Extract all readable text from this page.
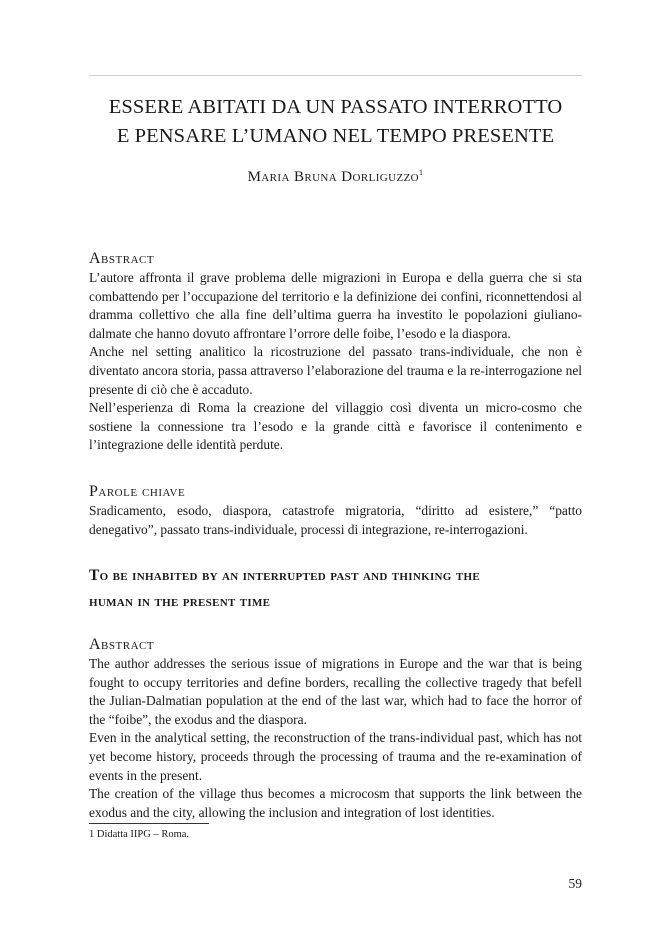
ESSERE ABITATI DA UN PASSATO INTERROTTO
E PENSARE L’UMANO NEL TEMPO PRESENTE
Maria Bruna Dorliguzzo$^1$
Abstract

L’autore affronta il grave problema delle migrazioni in Europa e della guerra che si sta combattendo per l’occupazione del territorio e la definizione dei confini, riconnettendosi al dramma collettivo che alla fine dell’ultima guerra ha investito le popolazioni giuliano-dalmate che hanno dovuto affrontare l’orrore delle foibe, l’esodo e la diaspora.

Anche nel setting analitico la ricostruzione del passato trans-individuale, che non è diventato ancora storia, passa attraverso l’elaborazione del trauma e la re-interrogazione nel presente di ciò che è accaduto.

Nell’esperienza di Roma la creazione del villaggio così diventa un micro-cosmo che sostiene la connessione tra l’esodo e la grande città e favorisce il contenimento e l’integrazione delle identità perdute.

Parole chiave

Sradicamento, esodo, diaspora, catastrofe migratoria, “diritto ad esistere,” “patto denegativo”, passato trans-individuale, processi di integrazione, re-interrogazioni.

To be inhabited by an interrupted past and thinking the
human in the present time
Abstract

The author addresses the serious issue of migrations in Europe and the war that is being fought to occupy territories and define borders, recalling the collective tragedy that befell the Julian-Dalmatian population at the end of the last war, which had to face the horror of the “foibe”, the exodus and the diaspora.

Even in the analytical setting, the reconstruction of the trans-individual past, which has not yet become history, proceeds through the processing of trauma and the re-examination of events in the present.

The creation of the village thus becomes a microcosm that supports the link between the exodus and the city, allowing the inclusion and integration of lost identities.

1 Didatta IIPG – Roma.
59
